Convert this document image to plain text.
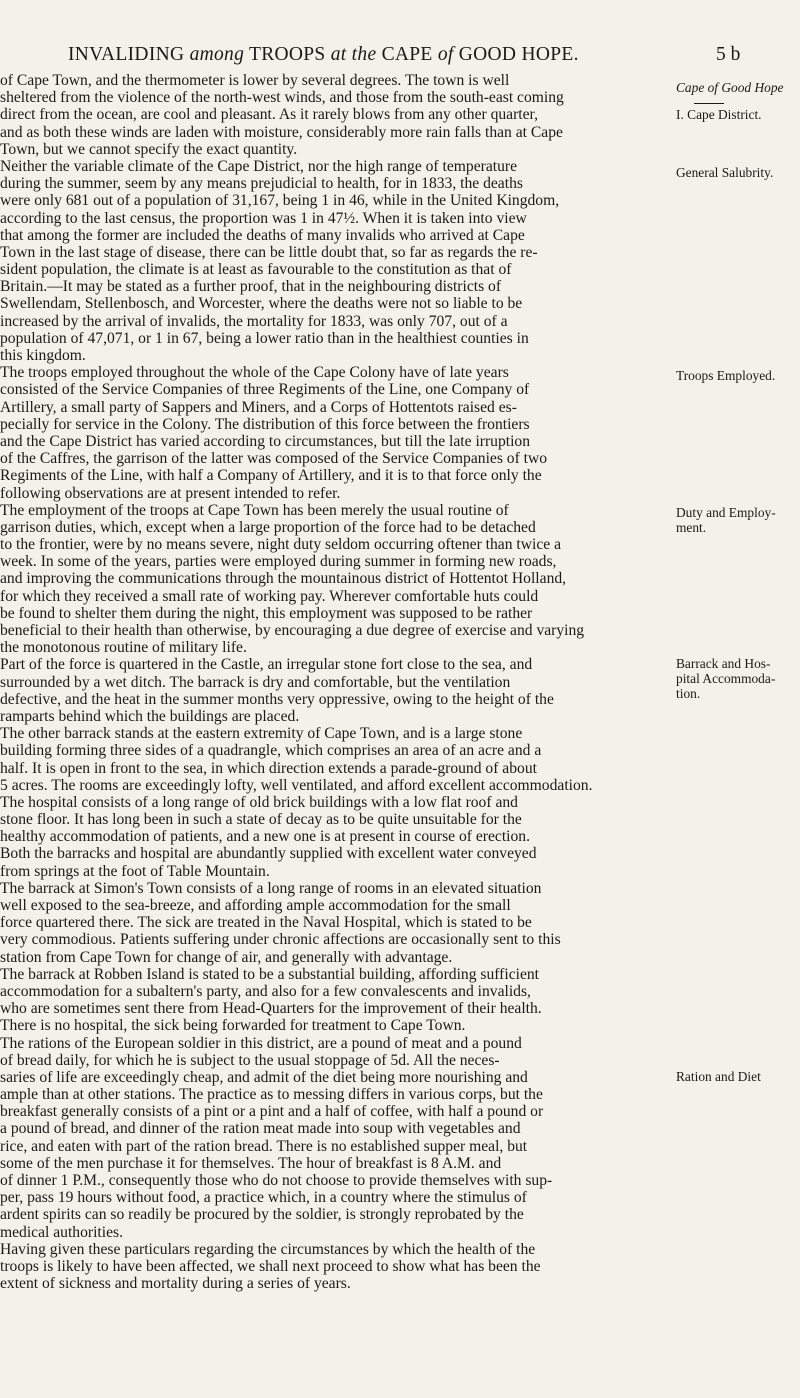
INVALIDING among TROOPS at the CAPE of GOOD HOPE.	5 b
of Cape Town, and the thermometer is lower by several degrees. The town is well
sheltered from the violence of the north-west winds, and those from the south-east coming
direct from the ocean, are cool and pleasant. As it rarely blows from any other quarter,
and as both these winds are laden with moisture, considerably more rain falls than at Cape
Town, but we cannot specify the exact quantity.
Neither the variable climate of the Cape District, nor the high range of temperature
during the summer, seem by any means prejudicial to health, for in 1833, the deaths
were only 681 out of a population of 31,167, being 1 in 46, while in the United Kingdom,
according to the last census, the proportion was 1 in 47½. When it is taken into view
that among the former are included the deaths of many invalids who arrived at Cape
Town in the last stage of disease, there can be little doubt that, so far as regards the re-
sident population, the climate is at least as favourable to the constitution as that of
Britain.—It may be stated as a further proof, that in the neighbouring districts of
Swellendam, Stellenbosch, and Worcester, where the deaths were not so liable to be
increased by the arrival of invalids, the mortality for 1833, was only 707, out of a
population of 47,071, or 1 in 67, being a lower ratio than in the healthiest counties in
this kingdom.
The troops employed throughout the whole of the Cape Colony have of late years
consisted of the Service Companies of three Regiments of the Line, one Company of
Artillery, a small party of Sappers and Miners, and a Corps of Hottentots raised es-
pecially for service in the Colony. The distribution of this force between the frontiers
and the Cape District has varied according to circumstances, but till the late irruption
of the Caffres, the garrison of the latter was composed of the Service Companies of two
Regiments of the Line, with half a Company of Artillery, and it is to that force only the
following observations are at present intended to refer.
The employment of the troops at Cape Town has been merely the usual routine of
garrison duties, which, except when a large proportion of the force had to be detached
to the frontier, were by no means severe, night duty seldom occurring oftener than twice a
week. In some of the years, parties were employed during summer in forming new roads,
and improving the communications through the mountainous district of Hottentot Holland,
for which they received a small rate of working pay. Wherever comfortable huts could
be found to shelter them during the night, this employment was supposed to be rather
beneficial to their health than otherwise, by encouraging a due degree of exercise and varying
the monotonous routine of military life.
Part of the force is quartered in the Castle, an irregular stone fort close to the sea, and
surrounded by a wet ditch. The barrack is dry and comfortable, but the ventilation
defective, and the heat in the summer months very oppressive, owing to the height of the
ramparts behind which the buildings are placed.
The other barrack stands at the eastern extremity of Cape Town, and is a large stone
building forming three sides of a quadrangle, which comprises an area of an acre and a
half. It is open in front to the sea, in which direction extends a parade-ground of about
5 acres. The rooms are exceedingly lofty, well ventilated, and afford excellent accommodation.
The hospital consists of a long range of old brick buildings with a low flat roof and
stone floor. It has long been in such a state of decay as to be quite unsuitable for the
healthy accommodation of patients, and a new one is at present in course of erection.
Both the barracks and hospital are abundantly supplied with excellent water conveyed
from springs at the foot of Table Mountain.
The barrack at Simon's Town consists of a long range of rooms in an elevated situation
well exposed to the sea-breeze, and affording ample accommodation for the small
force quartered there. The sick are treated in the Naval Hospital, which is stated to be
very commodious. Patients suffering under chronic affections are occasionally sent to this
station from Cape Town for change of air, and generally with advantage.
The barrack at Robben Island is stated to be a substantial building, affording sufficient
accommodation for a subaltern's party, and also for a few convalescents and invalids,
who are sometimes sent there from Head-Quarters for the improvement of their health.
There is no hospital, the sick being forwarded for treatment to Cape Town.
The rations of the European soldier in this district, are a pound of meat and a pound
of bread daily, for which he is subject to the usual stoppage of 5d. All the neces-
saries of life are exceedingly cheap, and admit of the diet being more nourishing and
ample than at other stations. The practice as to messing differs in various corps, but the
breakfast generally consists of a pint or a pint and a half of coffee, with half a pound or
a pound of bread, and dinner of the ration meat made into soup with vegetables and
rice, and eaten with part of the ration bread. There is no established supper meal, but
some of the men purchase it for themselves. The hour of breakfast is 8 A.M. and
of dinner 1 P.M., consequently those who do not choose to provide themselves with sup-
per, pass 19 hours without food, a practice which, in a country where the stimulus of
ardent spirits can so readily be procured by the soldier, is strongly reprobated by the
medical authorities.
Having given these particulars regarding the circumstances by which the health of the
troops is likely to have been affected, we shall next proceed to show what has been the
extent of sickness and mortality during a series of years.
Cape of Good Hope
I. Cape District.
General Salubrity.
Troops Employed.
Duty and Employ-
ment.
Barrack and Hos-
pital Accommoda-
tion.
Ration and Diet
